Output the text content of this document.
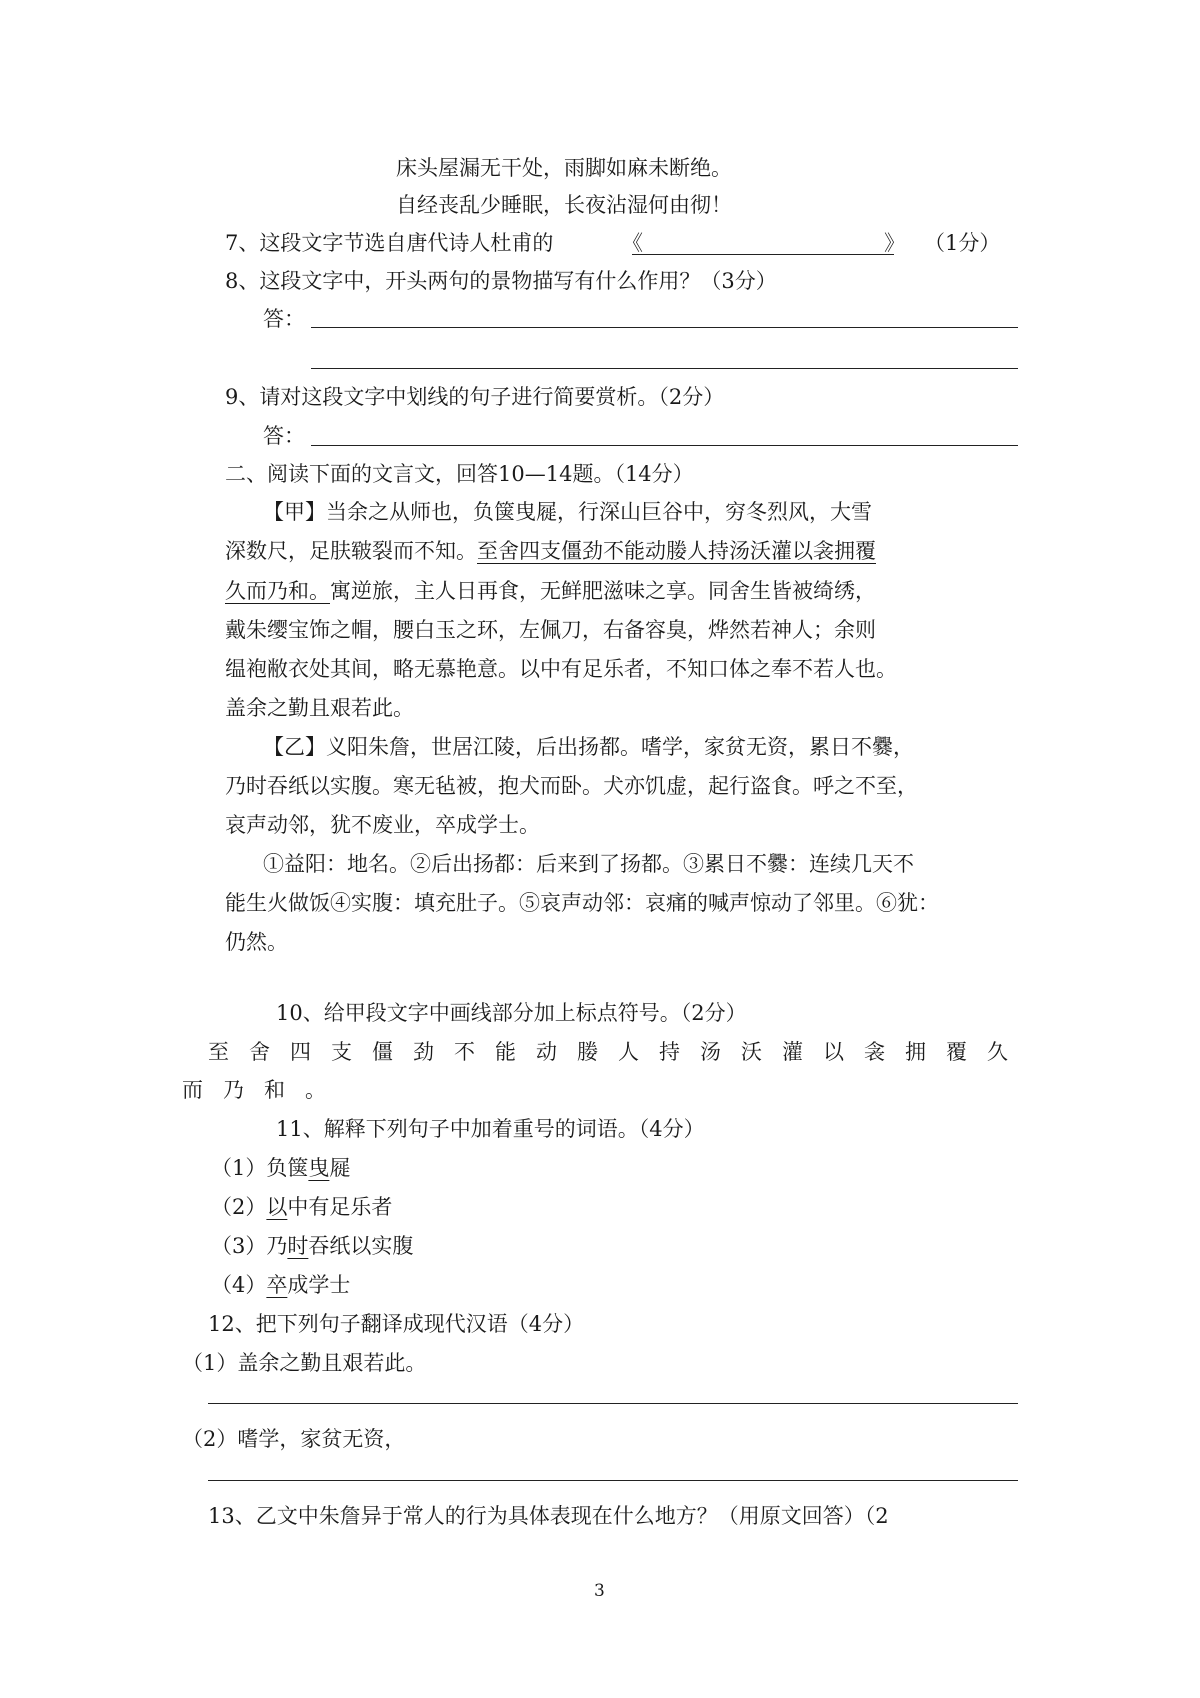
床头屋漏无干处，雨脚如麻未断绝。
自经丧乱少睡眠，长夜沾湿何由彻！
7、这段文字节选自唐代诗人杜甫的	《	》 （1分）
8、这段文字中，开头两句的景物描写有什么作用？（3分）
答：
9、请对这段文字中划线的句子进行简要赏析。（2分）
答：
二、阅读下面的文言文，回答10—14题。（14分）
【甲】当余之从师也，负箧曳屣，行深山巨谷中，穷冬烈风，大雪
深数尺，足肤皲裂而不知。至舍四支僵劲不能动媵人持汤沃灌以衾拥覆
久而乃和。寓逆旅，主人日再食，无鲜肥滋味之享。同舍生皆被绮绣，
戴朱缨宝饰之帽，腰白玉之环，左佩刀，右备容臭，烨然若神人；余则
缊袍敝衣处其间，略无慕艳意。以中有足乐者，不知口体之奉不若人也。
盖余之勤且艰若此。
【乙】义阳朱詹，世居江陵，后出扬都。嗜学，家贫无资，累日不爨，
乃时吞纸以实腹。寒无毡被，抱犬而卧。犬亦饥虚，起行盗食。呼之不至，
哀声动邻，犹不废业，卒成学士。
①益阳：地名。②后出扬都：后来到了扬都。③累日不爨：连续几天不
能生火做饭④实腹：填充肚子。⑤哀声动邻：哀痛的喊声惊动了邻里。⑥犹：
仍然。
10、给甲段文字中画线部分加上标点符号。（2分）
至舍四支僵劲不能动媵人持汤沃灌以衾拥覆久
而乃和。
11、解释下列句子中加着重号的词语。（4分）
（1）负箧曳屣
（2）以中有足乐者
（3）乃时吞纸以实腹
（4）卒成学士
12、把下列句子翻译成现代汉语（4分）
（1）盖余之勤且艰若此。
（2）嗜学，家贫无资，
13、乙文中朱詹异于常人的行为具体表现在什么地方？（用原文回答）（2
3
